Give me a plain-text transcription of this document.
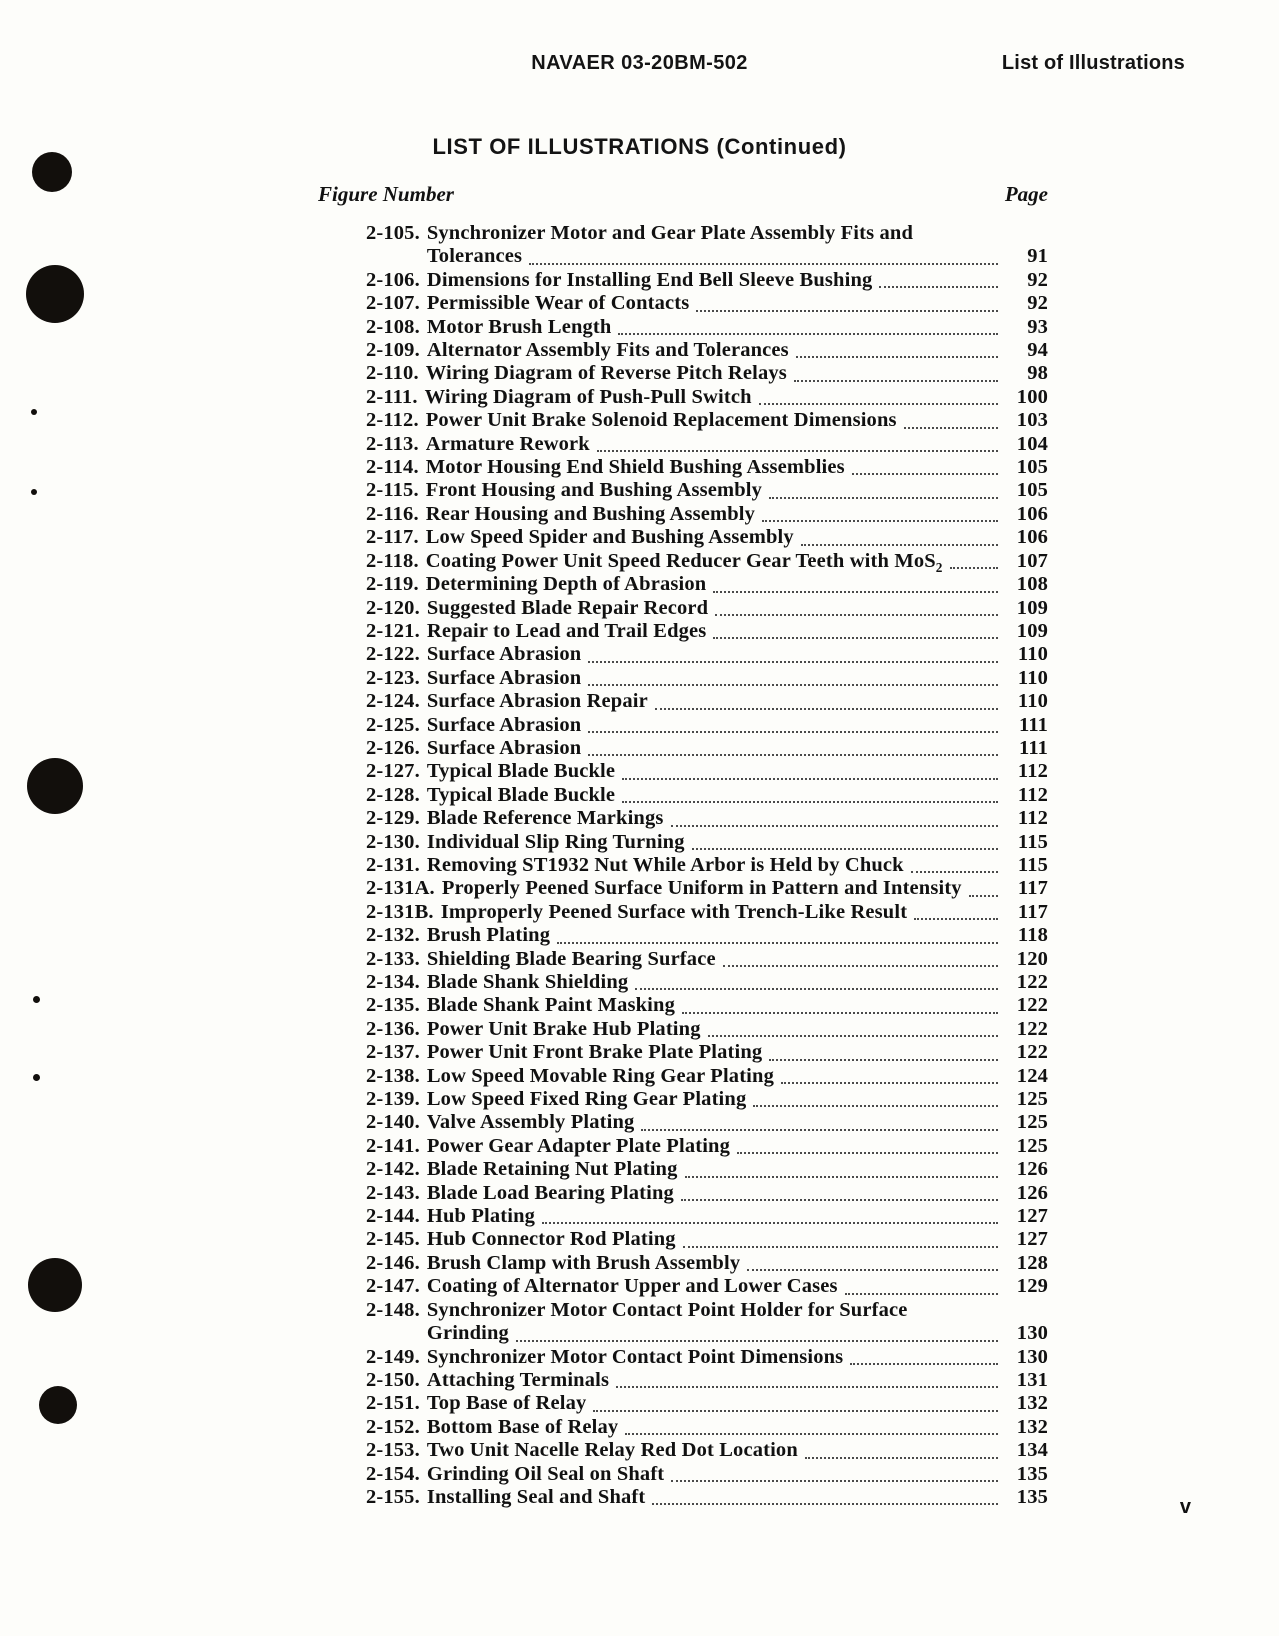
NAVAER 03-20BM-502	List of Illustrations
LIST OF ILLUSTRATIONS (Continued)
Figure Number	Page
2-105. Synchronizer Motor and Gear Plate Assembly Fits and
Tolerances	91
2-106. Dimensions for Installing End Bell Sleeve Bushing	92
2-107. Permissible Wear of Contacts	92
2-108. Motor Brush Length	93
2-109. Alternator Assembly Fits and Tolerances	94
2-110. Wiring Diagram of Reverse Pitch Relays	98
2-111. Wiring Diagram of Push-Pull Switch	100
2-112. Power Unit Brake Solenoid Replacement Dimensions	103
2-113. Armature Rework	104
2-114. Motor Housing End Shield Bushing Assemblies	105
2-115. Front Housing and Bushing Assembly	105
2-116. Rear Housing and Bushing Assembly	106
2-117. Low Speed Spider and Bushing Assembly	106
2-118. Coating Power Unit Speed Reducer Gear Teeth with MoS$_2$	107
2-119. Determining Depth of Abrasion	108
2-120. Suggested Blade Repair Record	109
2-121. Repair to Lead and Trail Edges	109
2-122. Surface Abrasion	110
2-123. Surface Abrasion	110
2-124. Surface Abrasion Repair	110
2-125. Surface Abrasion	111
2-126. Surface Abrasion	111
2-127. Typical Blade Buckle	112
2-128. Typical Blade Buckle	112
2-129. Blade Reference Markings	112
2-130. Individual Slip Ring Turning	115
2-131. Removing ST1932 Nut While Arbor is Held by Chuck	115
2-131A. Properly Peened Surface Uniform in Pattern and Intensity	117
2-131B. Improperly Peened Surface with Trench-Like Result	117
2-132. Brush Plating	118
2-133. Shielding Blade Bearing Surface	120
2-134. Blade Shank Shielding	122
2-135. Blade Shank Paint Masking	122
2-136. Power Unit Brake Hub Plating	122
2-137. Power Unit Front Brake Plate Plating	122
2-138. Low Speed Movable Ring Gear Plating	124
2-139. Low Speed Fixed Ring Gear Plating	125
2-140. Valve Assembly Plating	125
2-141. Power Gear Adapter Plate Plating	125
2-142. Blade Retaining Nut Plating	126
2-143. Blade Load Bearing Plating	126
2-144. Hub Plating	127
2-145. Hub Connector Rod Plating	127
2-146. Brush Clamp with Brush Assembly	128
2-147. Coating of Alternator Upper and Lower Cases	129
2-148. Synchronizer Motor Contact Point Holder for Surface
Grinding	130
2-149. Synchronizer Motor Contact Point Dimensions	130
2-150. Attaching Terminals	131
2-151. Top Base of Relay	132
2-152. Bottom Base of Relay	132
2-153. Two Unit Nacelle Relay Red Dot Location	134
2-154. Grinding Oil Seal on Shaft	135
2-155. Installing Seal and Shaft	135	v
